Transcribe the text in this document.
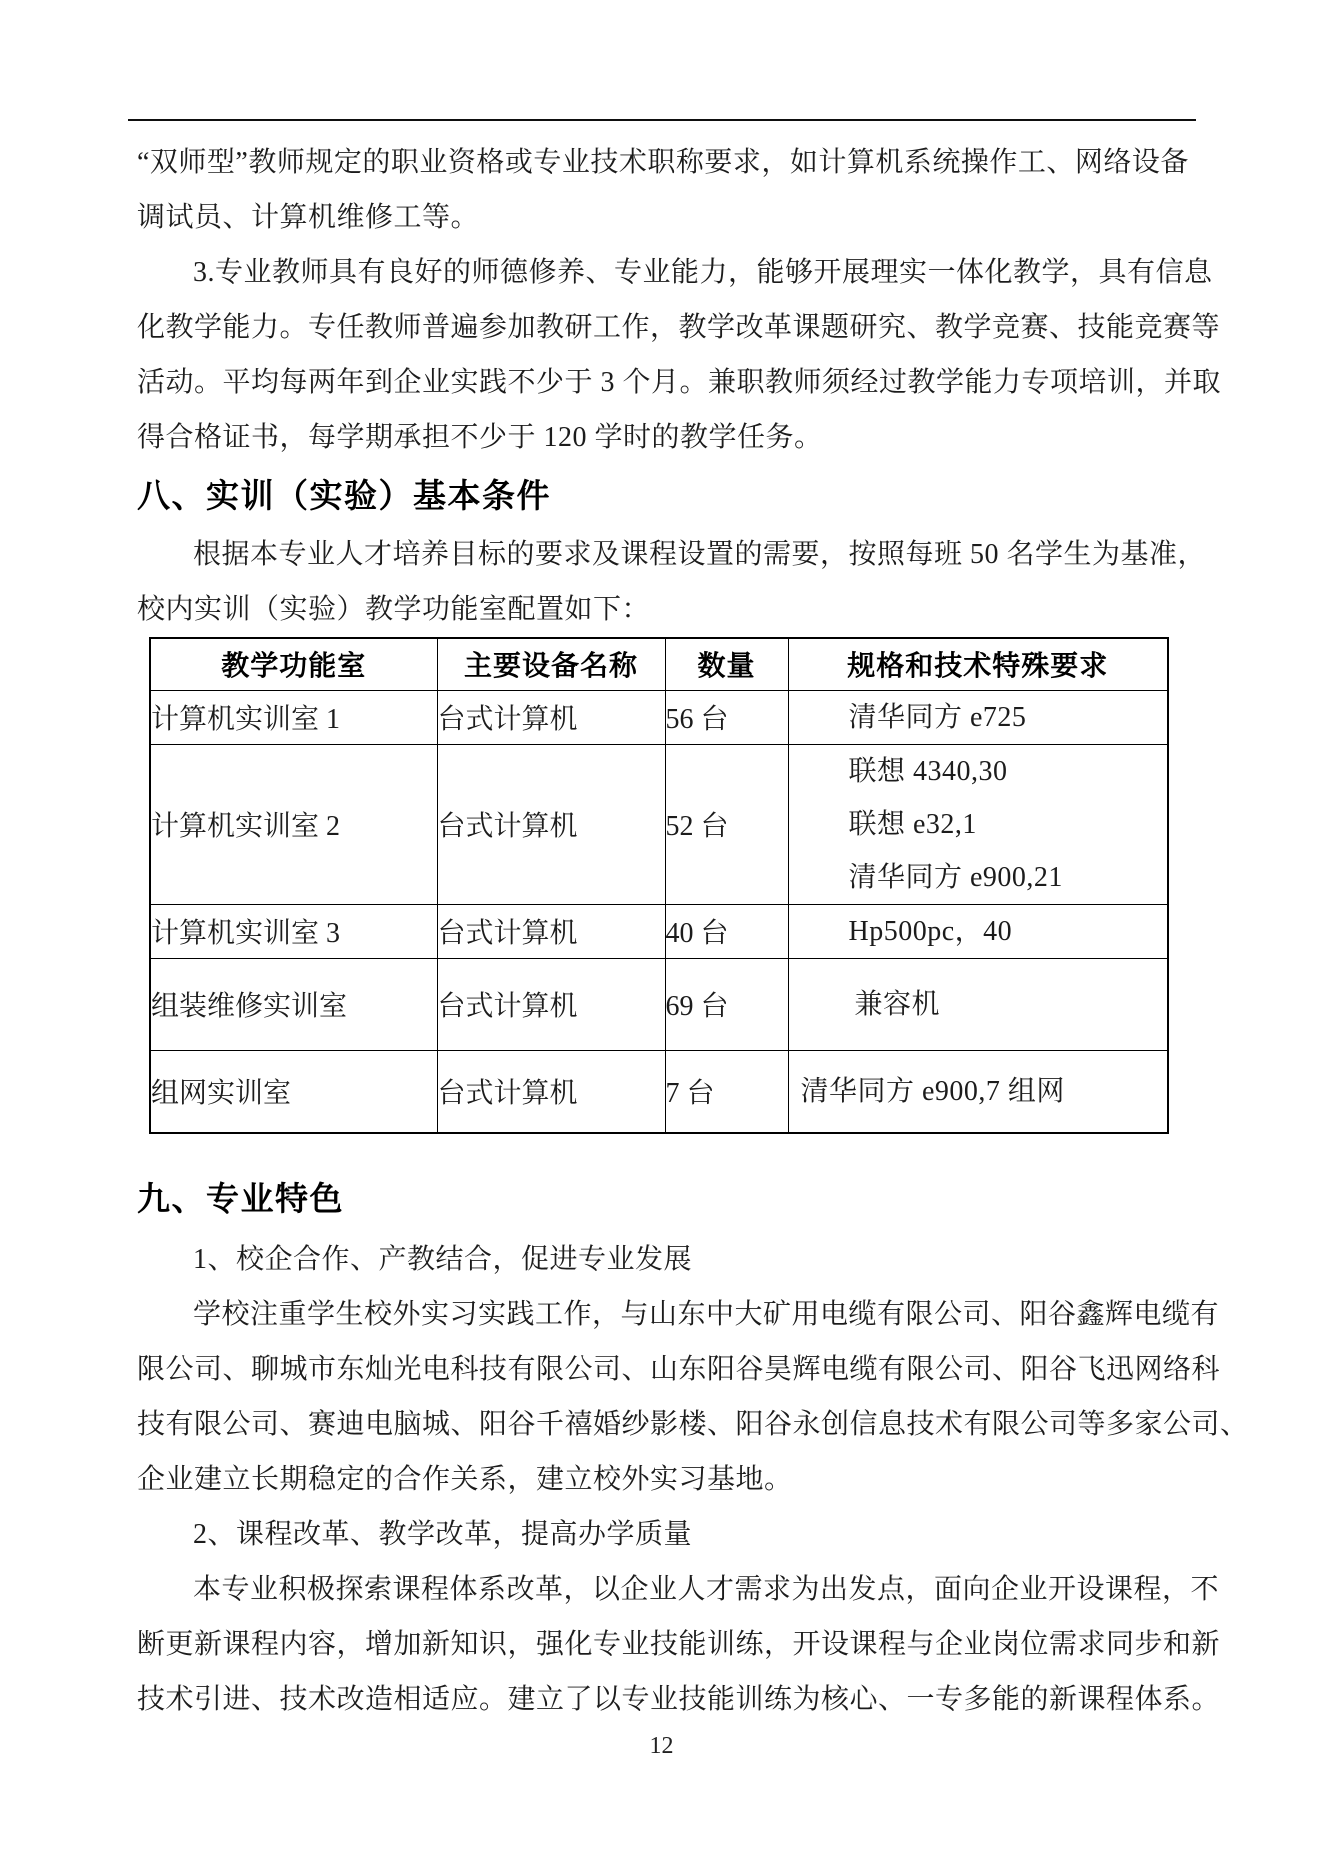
“双师型”教师规定的职业资格或专业技术职称要求，如计算机系统操作工、网络设备
调试员、计算机维修工等。
3.专业教师具有良好的师德修养、专业能力，能够开展理实一体化教学，具有信息
化教学能力。专任教师普遍参加教研工作，教学改革课题研究、教学竞赛、技能竞赛等
活动。平均每两年到企业实践不少于 3 个月。兼职教师须经过教学能力专项培训，并取
得合格证书，每学期承担不少于 120 学时的教学任务。
八、实训（实验）基本条件
根据本专业人才培养目标的要求及课程设置的需要，按照每班 50 名学生为基准，
校内实训（实验）教学功能室配置如下：
教学功能室	主要设备名称	数量	规格和技术特殊要求
计算机实训室 1	台式计算机	56 台	清华同方 e725

计算机实训室 2	台式计算机	52 台	联想 4340,30
联想 e32,1
清华同方 e900,21

计算机实训室 3	台式计算机	40 台	Hp500pc，40

组装维修实训室	台式计算机	69 台	兼容机

组网实训室	台式计算机	7 台	清华同方 e900,7 组网
九、专业特色
1、校企合作、产教结合，促进专业发展
学校注重学生校外实习实践工作，与山东中大矿用电缆有限公司、阳谷鑫辉电缆有
限公司、聊城市东灿光电科技有限公司、山东阳谷昊辉电缆有限公司、阳谷飞迅网络科
技有限公司、赛迪电脑城、阳谷千禧婚纱影楼、阳谷永创信息技术有限公司等多家公司、
企业建立长期稳定的合作关系，建立校外实习基地。
2、课程改革、教学改革，提高办学质量
本专业积极探索课程体系改革，以企业人才需求为出发点，面向企业开设课程，不
断更新课程内容，增加新知识，强化专业技能训练，开设课程与企业岗位需求同步和新
技术引进、技术改造相适应。建立了以专业技能训练为核心、一专多能的新课程体系。
12
